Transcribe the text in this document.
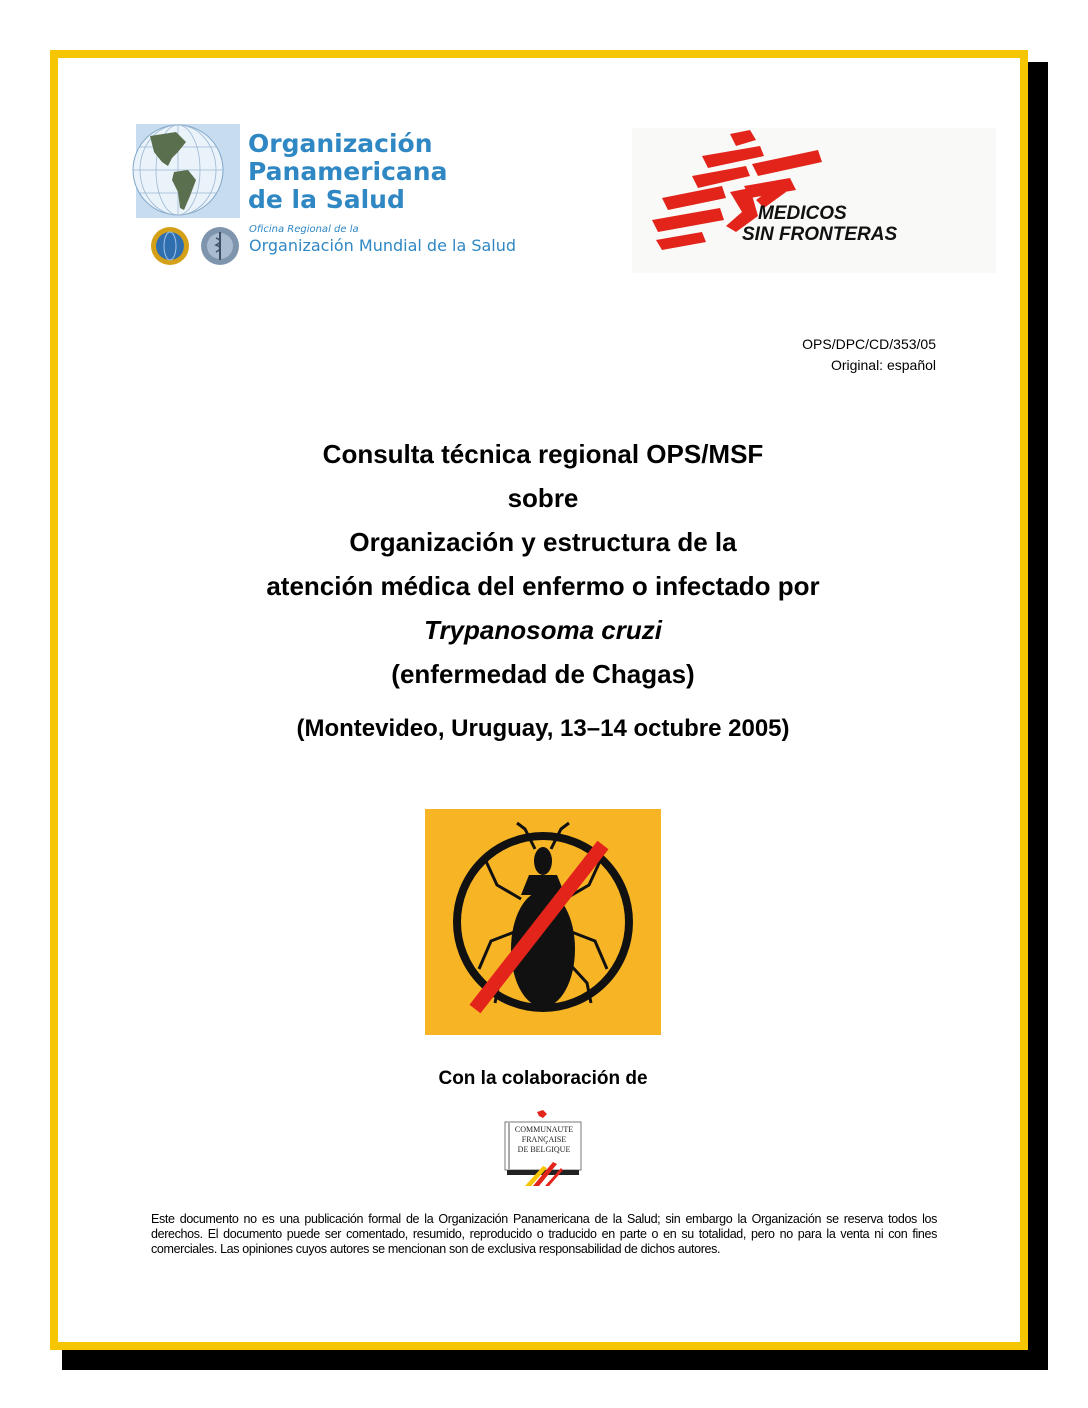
Organización
Panamericana
de la Salud
Oficina Regional de la
Organización Mundial de la Salud
MEDICOS
SIN FRONTERAS
OPS/DPC/CD/353/05
Original: español
Consulta técnica regional OPS/MSF
sobre
Organización y estructura de la
atención médica del enfermo o infectado por
Trypanosoma cruzi
(enfermedad de Chagas)
(Montevideo, Uruguay, 13–14 octubre 2005)
Con la colaboración de
COMMUNAUTE
FRANÇAISE
DE BELGIQUE
Este documento no es una publicación formal de la Organización Panamericana de la Salud; sin embargo la Organización se reserva todos los derechos. El documento puede ser comentado, resumido, reproducido o traducido en parte o en su totalidad, pero no para la venta ni con fines comerciales. Las opiniones cuyos autores se mencionan son de exclusiva responsabilidad de dichos autores.
